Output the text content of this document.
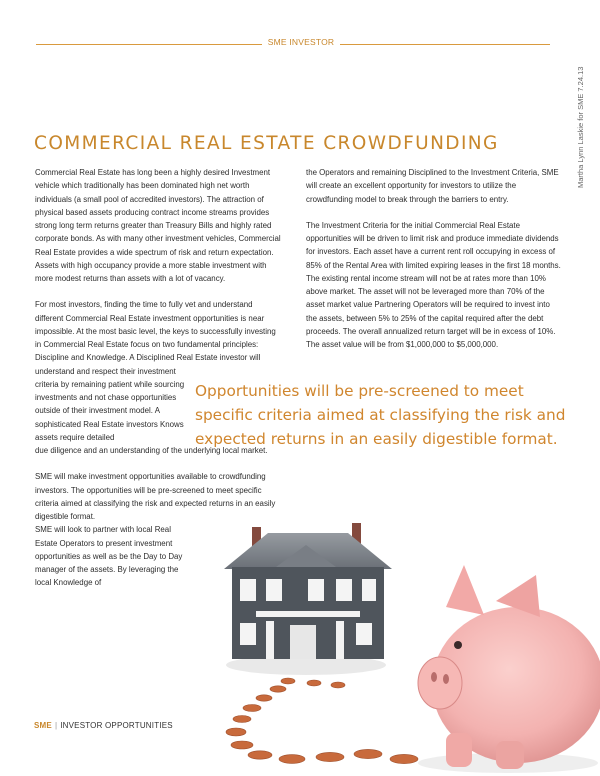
SME INVESTOR
Martha Lynn Laskie for SME 7.24.13
COMMERCIAL REAL ESTATE CROWDFUNDING

Commercial Real Estate has long been a highly desired Investment vehicle which traditionally has been dominated high net worth individuals (a small pool of accredited investors). The attraction of physical based assets producing contract income streams provides strong long term returns greater than Treasury Bills and highly rated corporate bonds. As with many other investment vehicles, Commercial Real Estate provides a wide spectrum of risk and return expectation. Assets with high occupancy provide a more stable investment with more modest returns than assets with a lot of vacancy.

For most investors, finding the time to fully vet and understand different Commercial Real Estate investment opportunities is near impossible. At the most basic level, the keys to successfully investing in Commercial Real Estate focus on two fundamental principles: Discipline and Knowledge. A Disciplined Real Estate investor will

understand and respect their investment criteria by remaining patient while sourcing investments and not chase opportunities outside of their investment model. A sophisticated Real Estate investors Knows assets require detailed

due diligence and an understanding of the underlying local market.

SME will make investment opportunities available to crowdfunding investors. The opportunities will be pre-screened to meet specific criteria aimed at classifying the risk and expected returns in an easily digestible format.

SME will look to partner with local Real Estate Operators to present investment opportunities as well as be the Day to Day manager of the assets. By leveraging the local Knowledge of

the Operators and remaining Disciplined to the Investment Criteria, SME will create an excellent opportunity for investors to utilize the crowdfunding model to break through the barriers to entry.

The Investment Criteria for the initial Commercial Real Estate opportunities will be driven to limit risk and produce immediate dividends for investors. Each asset have a current rent roll occupying in excess of 85% of the Rental Area with limited expiring leases in the first 18 months. The existing rental income stream will not be at rates more than 10% above market. The asset will not be leveraged more than 70% of the asset market value Partnering Operators will be required to invest into the assets, between 5% to 25% of the capital required after the debt proceeds. The overall annualized return target will be in excess of 10%. The asset value will be from $1,000,000 to $5,000,000.

Opportunities will be pre-screened to meet specific criteria aimed at classifying the risk and expected returns in an easily digestible format.
SME | INVESTOR OPPORTUNITIES
